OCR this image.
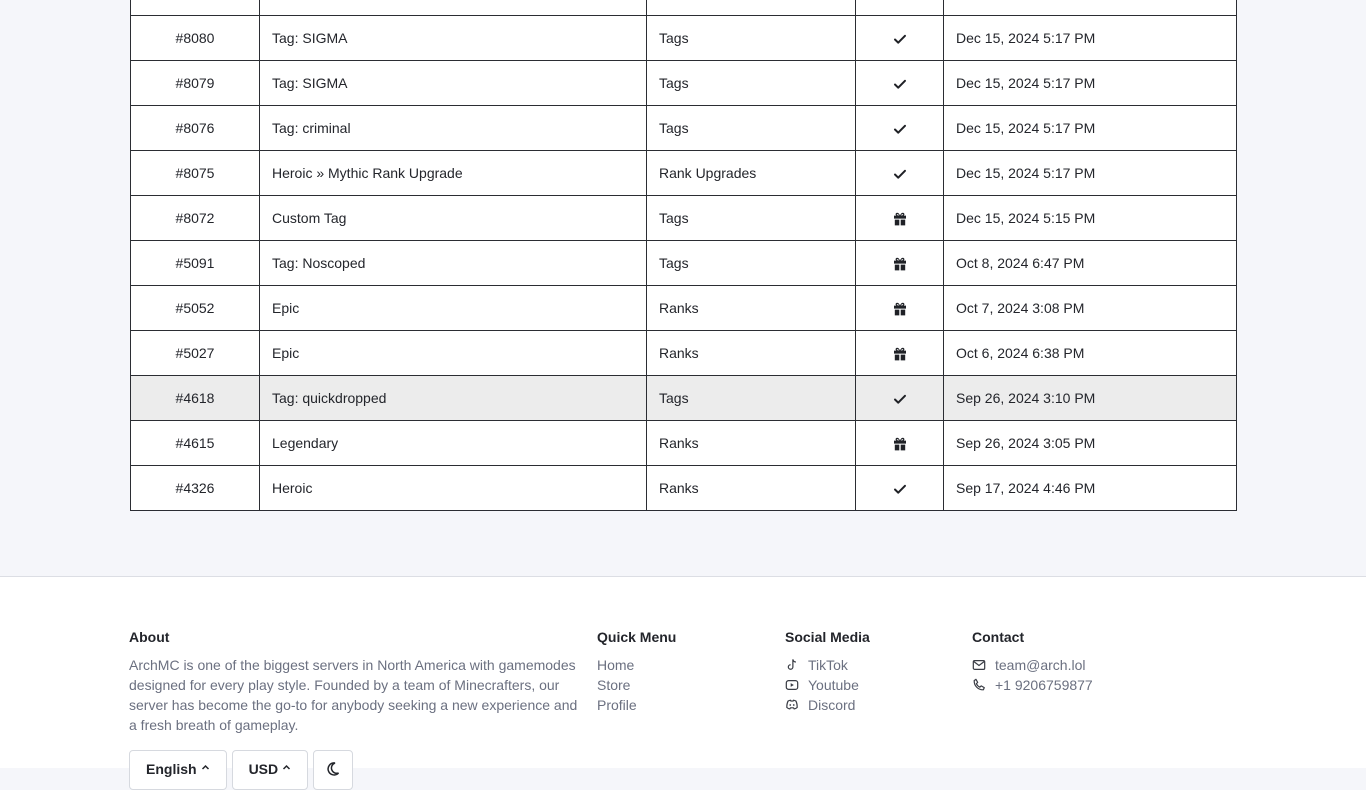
#8080	Tag: SIGMA	Tags		Dec 15, 2024 5:17 PM
#8079	Tag: SIGMA	Tags		Dec 15, 2024 5:17 PM
#8076	Tag: criminal	Tags		Dec 15, 2024 5:17 PM
#8075	Heroic » Mythic Rank Upgrade	Rank Upgrades		Dec 15, 2024 5:17 PM
#8072	Custom Tag	Tags		Dec 15, 2024 5:15 PM
#5091	Tag: Noscoped	Tags		Oct 8, 2024 6:47 PM
#5052	Epic	Ranks		Oct 7, 2024 3:08 PM
#5027	Epic	Ranks		Oct 6, 2024 6:38 PM
#4618	Tag: quickdropped	Tags		Sep 26, 2024 3:10 PM
#4615	Legendary	Ranks		Sep 26, 2024 3:05 PM
#4326	Heroic	Ranks		Sep 17, 2024 4:46 PM
About
ArchMC is one of the biggest servers in North America with gamemodes designed for every play style. Founded by a team of Minecrafters, our server has become the go-to for anybody seeking a new experience and a fresh breath of gameplay.
Quick Menu
Home
Store
Profile
Social Media
TikTok
Youtube
Discord
Contact
team@arch.lol
+1 9206759877
English	USD
